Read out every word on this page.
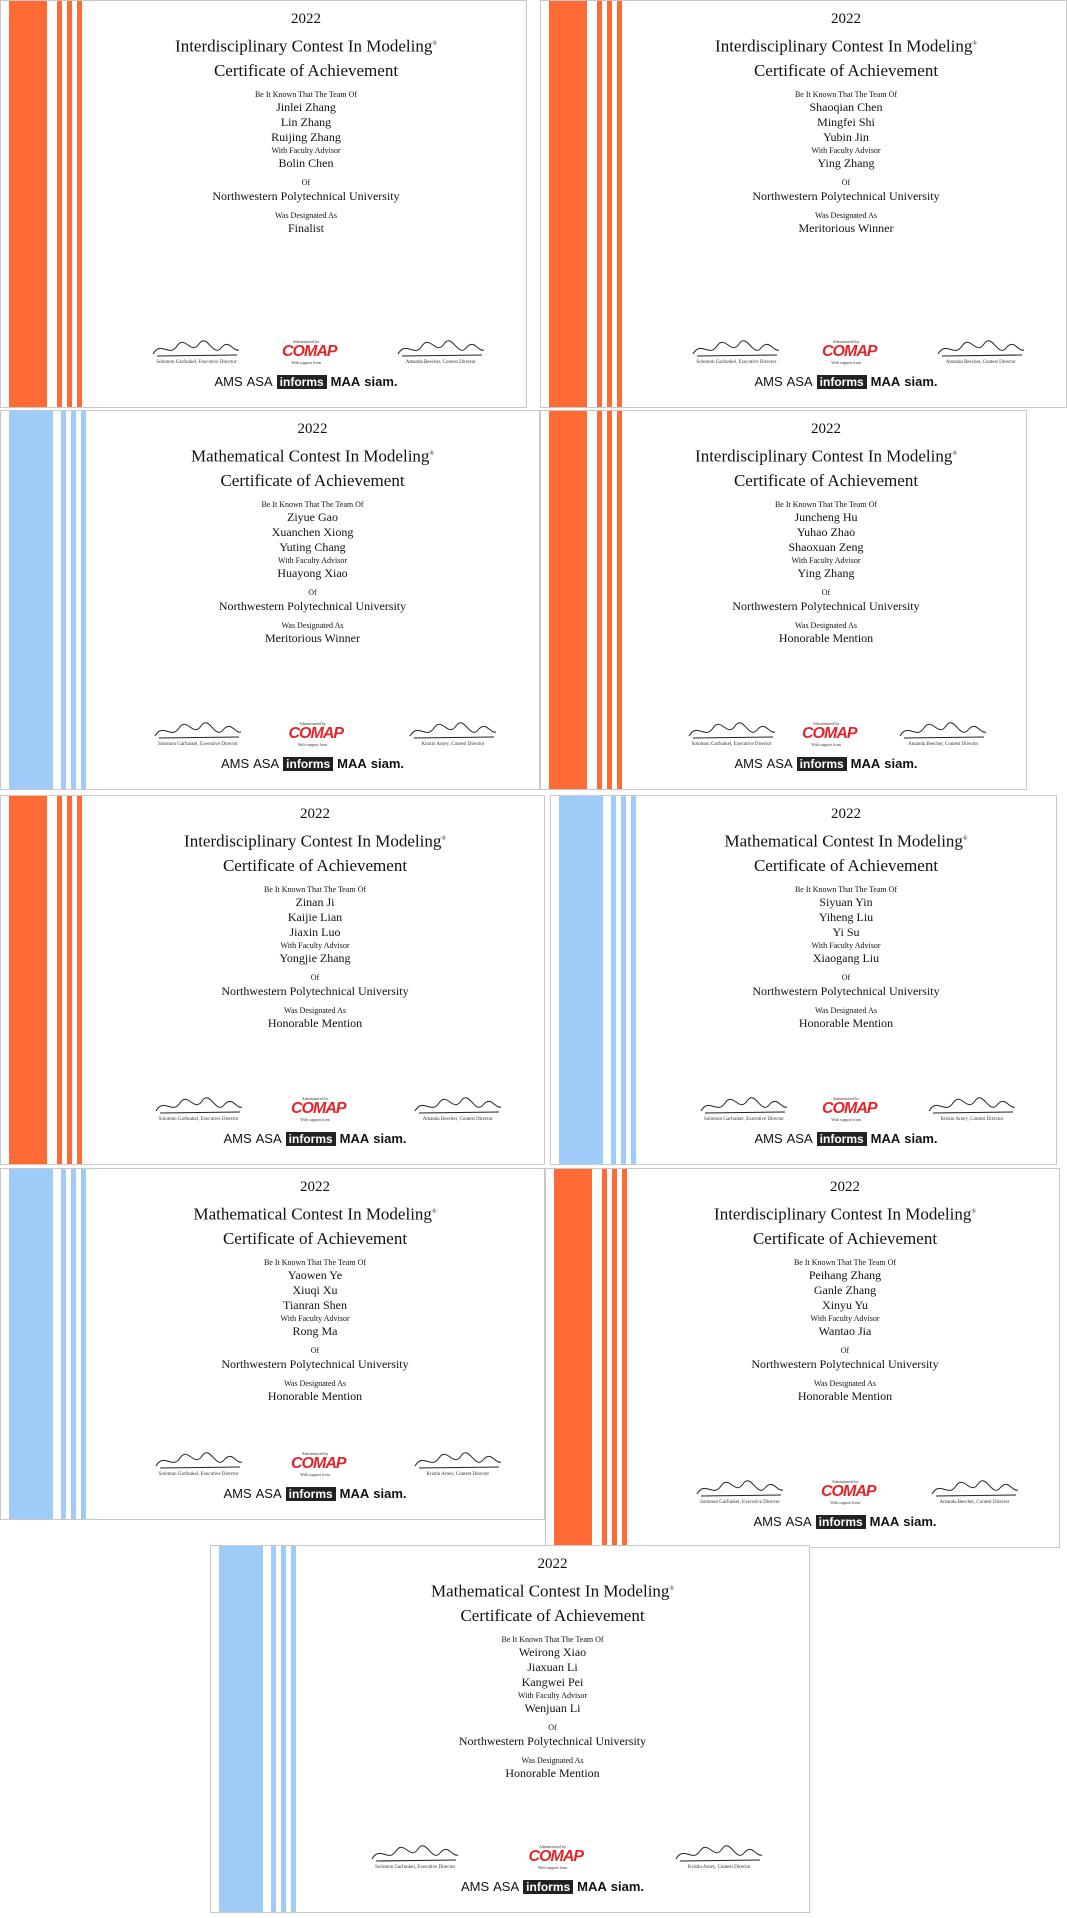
2022
Interdisciplinary Contest In Modeling®
Certificate of Achievement
Be It Known That The Team Of
Jinlei Zhang
Lin Zhang
Ruijing Zhang
With Faculty Advisor
Bolin Chen
Of
Northwestern Polytechnical University
Was Designated As
Finalist
Solomon Garfunkel, Executive Director
Administered by
COMAP
With support from	Amanda Beecher, Contest Director
AMS ASA informs MAA siam.
2022
Interdisciplinary Contest In Modeling®
Certificate of Achievement
Be It Known That The Team Of
Shaoqian Chen
Mingfei Shi
Yubin Jin
With Faculty Advisor
Ying Zhang
Of
Northwestern Polytechnical University
Was Designated As
Meritorious Winner
Solomon Garfunkel, Executive Director
Administered by
COMAP
With support from	Amanda Beecher, Contest Director
AMS ASA informs MAA siam.
2022
Mathematical Contest In Modeling®
Certificate of Achievement
Be It Known That The Team Of
Ziyue Gao
Xuanchen Xiong
Yuting Chang
With Faculty Advisor
Huayong Xiao
Of
Northwestern Polytechnical University
Was Designated As
Meritorious Winner
Solomon Garfunkel, Executive Director
Administered by
COMAP
With support from	Kristin Arney, Contest Director
AMS ASA informs MAA siam.
2022
Interdisciplinary Contest In Modeling®
Certificate of Achievement
Be It Known That The Team Of
Juncheng Hu
Yuhao Zhao
Shaoxuan Zeng
With Faculty Advisor
Ying Zhang
Of
Northwestern Polytechnical University
Was Designated As
Honorable Mention
Solomon Garfunkel, Executive Director
Administered by
COMAP
With support from	Amanda Beecher, Contest Director
AMS ASA informs MAA siam.
2022
Interdisciplinary Contest In Modeling®
Certificate of Achievement
Be It Known That The Team Of
Zinan Ji
Kaijie Lian
Jiaxin Luo
With Faculty Advisor
Yongjie Zhang
Of
Northwestern Polytechnical University
Was Designated As
Honorable Mention
Solomon Garfunkel, Executive Director
Administered by
COMAP
With support from	Amanda Beecher, Contest Director
AMS ASA informs MAA siam.
2022
Mathematical Contest In Modeling®
Certificate of Achievement
Be It Known That The Team Of
Siyuan Yin
Yiheng Liu
Yi Su
With Faculty Advisor
Xiaogang Liu
Of
Northwestern Polytechnical University
Was Designated As
Honorable Mention
Solomon Garfunkel, Executive Director
Administered by
COMAP
With support from	Kristin Arney, Contest Director
AMS ASA informs MAA siam.
2022
Mathematical Contest In Modeling®
Certificate of Achievement
Be It Known That The Team Of
Yaowen Ye
Xiuqi Xu
Tianran Shen
With Faculty Advisor
Rong Ma
Of
Northwestern Polytechnical University
Was Designated As
Honorable Mention
Solomon Garfunkel, Executive Director
Administered by
COMAP
With support from	Kristin Arney, Contest Director
AMS ASA informs MAA siam.
2022
Interdisciplinary Contest In Modeling®
Certificate of Achievement
Be It Known That The Team Of
Peihang Zhang
Ganle Zhang
Xinyu Yu
With Faculty Advisor
Wantao Jia
Of
Northwestern Polytechnical University
Was Designated As
Honorable Mention
Solomon Garfunkel, Executive Director
Administered by
COMAP
With support from	Amanda Beecher, Contest Director
AMS ASA informs MAA siam.
2022
Mathematical Contest In Modeling®
Certificate of Achievement
Be It Known That The Team Of
Weirong Xiao
Jiaxuan Li
Kangwei Pei
With Faculty Advisor
Wenjuan Li
Of
Northwestern Polytechnical University
Was Designated As
Honorable Mention
Solomon Garfunkel, Executive Director
Administered by
COMAP
With support from	Kristin Arney, Contest Director
AMS ASA informs MAA siam.
